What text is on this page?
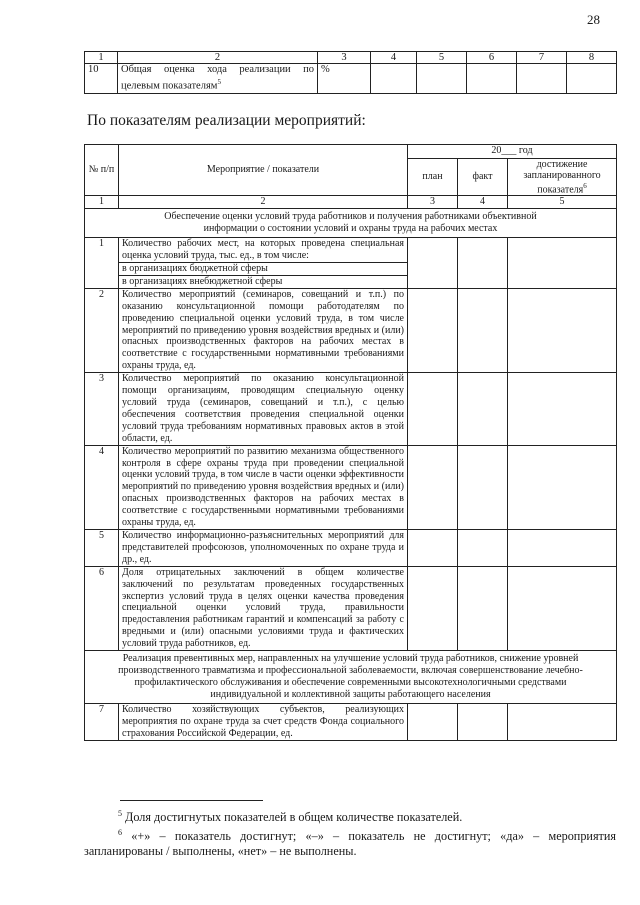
28
1	2	3	4	5	6	7	8
10	Общая оценка хода реализации по целевым показателям$^5$	%					
По показателям реализации мероприятий:
№ п/п	Мероприятие / показатели	20___ год		
		план	факт	достижение запланированного показателя$^6$
1	2	3	4	5
Обеспечение оценки условий труда работников и получения работниками объективной информации о состоянии условий и охраны труда на рабочих местах				
1	Количество рабочих мест, на которых проведена специальная оценка условий труда, тыс. ед., в том числе:
в организациях бюджетной сферы
в организациях внебюджетной сферы			

2	Количество мероприятий (семинаров, совещаний и т.п.) по оказанию консультационной помощи работодателям по проведению специальной оценки условий труда, в том числе мероприятий по приведению уровня воздействия вредных и (или) опасных производственных факторов на рабочих местах в соответствие с государственными нормативными требованиями охраны труда, ед.			
3	Количество мероприятий по оказанию консультационной помощи организациям, проводящим специальную оценку условий труда (семинаров, совещаний и т.п.), с целью обеспечения соответствия проведения специальной оценки условий труда требованиям нормативных правовых актов в этой области, ед.			
4	Количество мероприятий по развитию механизма общественного контроля в сфере охраны труда при проведении специальной оценки условий труда, в том числе в части оценки эффективности мероприятий по приведению уровня воздействия вредных и (или) опасных производственных факторов на рабочих местах в соответствие с государственными нормативными требованиями охраны труда, ед.			
5	Количество информационно-разъяснительных мероприятий для представителей профсоюзов, уполномоченных по охране труда и др., ед.			
6	Доля отрицательных заключений в общем количестве заключений по результатам проведенных государственных экспертиз условий труда в целях оценки качества проведения специальной оценки условий труда, правильности предоставления работникам гарантий и компенсаций за работу с вредными и (или) опасными условиями труда и фактических условий труда работников, ед.			
Реализация превентивных мер, направленных на улучшение условий труда работников, снижение уровней производственного травматизма и профессиональной заболеваемости, включая совершенствование лечебно-профилактического обслуживания и обеспечение современными высокотехнологичными средствами индивидуальной и коллективной защиты работающего населения				
7	Количество хозяйствующих субъектов, реализующих мероприятия по охране труда за счет средств Фонда социального страхования Российской Федерации, ед.			

$^5$ Доля достигнутых показателей в общем количестве показателей.

$^6$ «+» – показатель достигнут; «–» – показатель не достигнут; «да» – мероприятия запланированы / выполнены, «нет» – не выполнены.
